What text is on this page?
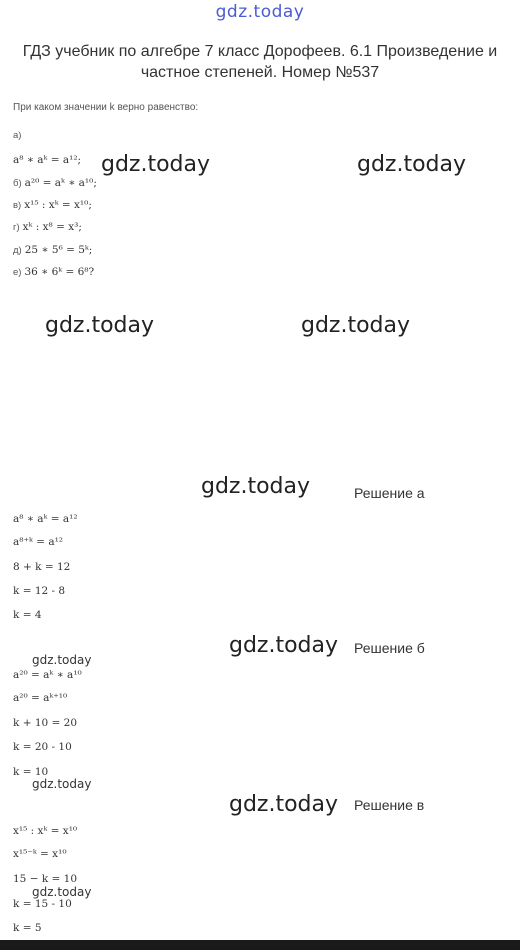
gdz.today
ГДЗ учебник по алгебре 7 класс Дорофеев. 6.1 Произведение и частное степеней. Номер №537
При каком значении k верно равенство:
а)
a⁸ ∗ aᵏ = a¹²;
б) a²⁰ = aᵏ ∗ a¹⁰;
в) x¹⁵ : xᵏ = x¹⁰;
г) xᵏ : x⁸ = x³;
д) 25 ∗ 5⁶ = 5ᵏ;
е) 36 ∗ 6ᵏ = 6⁸?
gdz.today	gdz.today
gdz.today	gdz.today
gdz.today
gdz.today
gdz.today
gdz.today
gdz.today
gdz.today
Решение а
Решение б
Решение в
a⁸ ∗ aᵏ = a¹²
a⁸⁺ᵏ = a¹²
8 + k = 12
k = 12 - 8
k = 4
a²⁰ = aᵏ ∗ a¹⁰
a²⁰ = aᵏ⁺¹⁰
k + 10 = 20
k = 20 - 10
k = 10
x¹⁵ : xᵏ = x¹⁰
x¹⁵⁻ᵏ = x¹⁰
15 − k = 10
k = 15 - 10
k = 5
